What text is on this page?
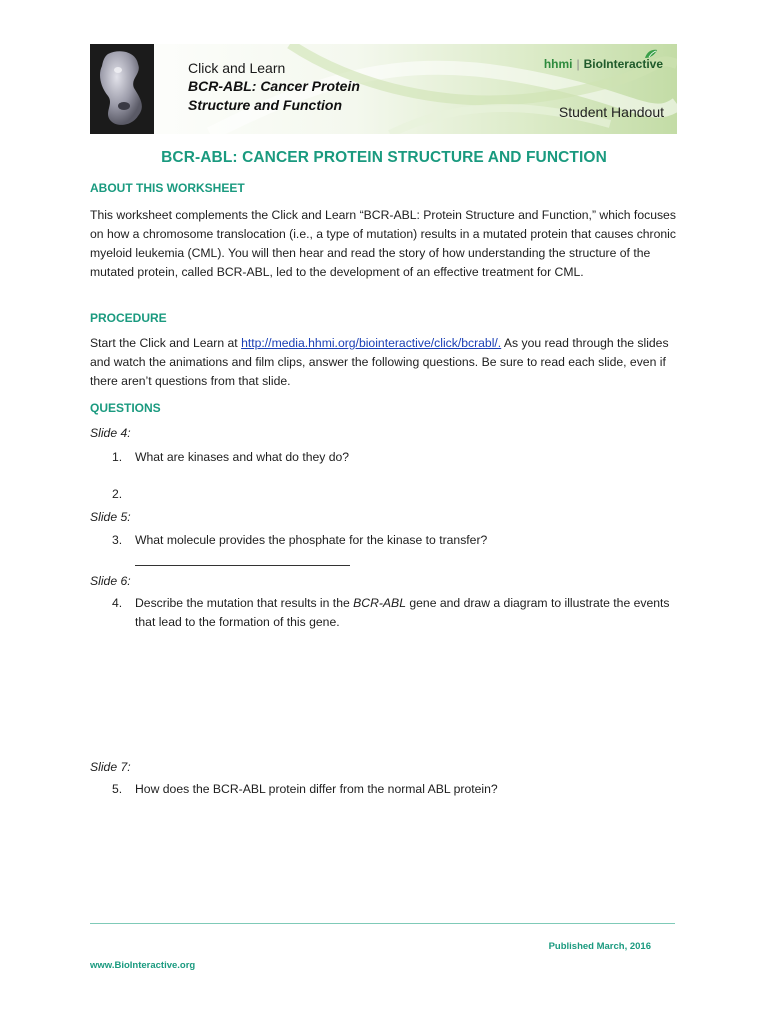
Click and Learn
BCR-ABL: Cancer Protein
Structure and Function
hhmi | BioInteractive
Student Handout
BCR-ABL: CANCER PROTEIN STRUCTURE AND FUNCTION
ABOUT THIS WORKSHEET

This worksheet complements the Click and Learn “BCR-ABL: Protein Structure and Function,” which focuses on how a chromosome translocation (i.e., a type of mutation) results in a mutated protein that causes chronic myeloid leukemia (CML). You will then hear and read the story of how understanding the structure of the mutated protein, called BCR-ABL, led to the development of an effective treatment for CML.

PROCEDURE

Start the Click and Learn at http://media.hhmi.org/biointeractive/click/bcrabl/. As you read through the slides and watch the animations and film clips, answer the following questions. Be sure to read each slide, even if there aren’t questions from that slide.

QUESTIONS
Slide 4:
1.	What are kinases and what do they do?
2.
Slide 5:
3.	What molecule provides the phosphate for the kinase to transfer?
Slide 6:
4.	Describe the mutation that results in the BCR-ABL gene and draw a diagram to illustrate the events that lead to the formation of this gene.
Slide 7:
5.	How does the BCR-ABL protein differ from the normal ABL protein?
Published March, 2016
www.BioInteractive.org
